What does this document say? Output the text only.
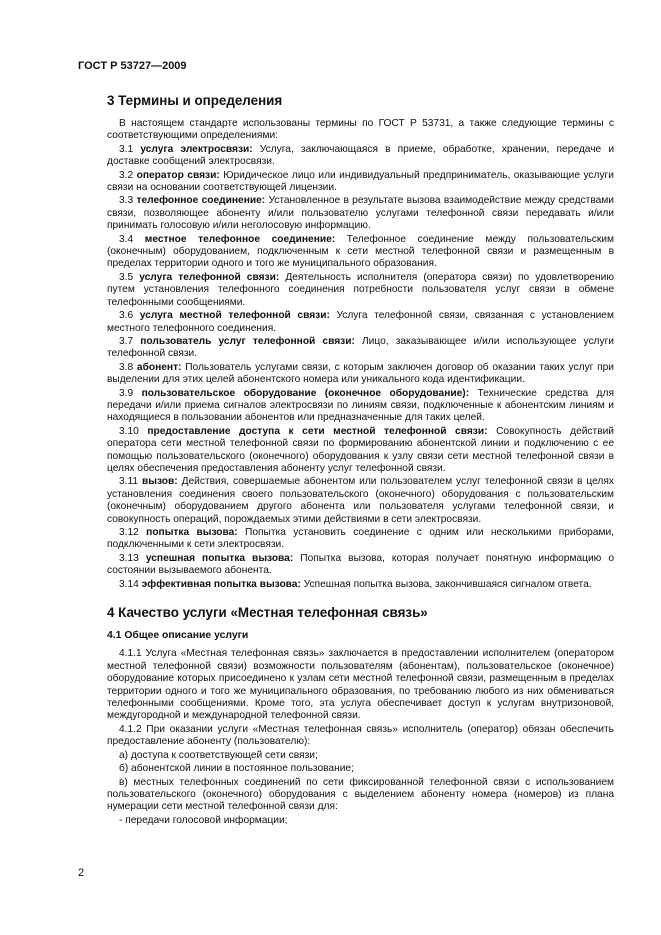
ГОСТ Р 53727—2009
3 Термины и определения

В настоящем стандарте использованы термины по ГОСТ Р 53731, а также следующие термины с соответствующими определениями:

3.1 услуга электросвязи: Услуга, заключающаяся в приеме, обработке, хранении, передаче и доставке сообщений электросвязи.

3.2 оператор связи: Юридическое лицо или индивидуальный предприниматель, оказывающие услуги связи на основании соответствующей лицензии.

3.3 телефонное соединение: Установленное в результате вызова взаимодействие между средствами связи, позволяющее абоненту и/или пользователю услугами телефонной связи передавать и/или принимать голосовую и/или неголосовую информацию.

3.4 местное телефонное соединение: Телефонное соединение между пользовательским (оконечным) оборудованием, подключенным к сети местной телефонной связи и размещенным в пределах территории одного и того же муниципального образования.

3.5 услуга телефонной связи: Деятельность исполнителя (оператора связи) по удовлетворению путем установления телефонного соединения потребности пользователя услуг связи в обмене телефонными сообщениями.

3.6 услуга местной телефонной связи: Услуга телефонной связи, связанная с установлением местного телефонного соединения.

3.7 пользователь услуг телефонной связи: Лицо, заказывающее и/или использующее услуги телефонной связи.

3.8 абонент: Пользователь услугами связи, с которым заключен договор об оказании таких услуг при выделении для этих целей абонентского номера или уникального кода идентификации.

3.9 пользовательское оборудование (оконечное оборудование): Технические средства для передачи и/или приема сигналов электросвязи по линиям связи, подключенные к абонентским линиям и находящиеся в пользовании абонентов или предназначенные для таких целей.

3.10 предоставление доступа к сети местной телефонной связи: Совокупность действий оператора сети местной телефонной связи по формированию абонентской линии и подключению с ее помощью пользовательского (оконечного) оборудования к узлу связи сети местной телефонной связи в целях обеспечения предоставления абоненту услуг телефонной связи.

3.11 вызов: Действия, совершаемые абонентом или пользователем услуг телефонной связи в целях установления соединения своего пользовательского (оконечного) оборудования с пользовательским (оконечным) оборудованием другого абонента или пользователя услугами телефонной связи, и совокупность операций, порождаемых этими действиями в сети электросвязи.

3.12 попытка вызова: Попытка установить соединение с одним или несколькими приборами, подключенными к сети электросвязи.

3.13 успешная попытка вызова: Попытка вызова, которая получает понятную информацию о состоянии вызываемого абонента.

3.14 эффективная попытка вызова: Успешная попытка вызова, закончившаяся сигналом ответа.

4 Качество услуги «Местная телефонная связь»
4.1 Общее описание услуги

4.1.1 Услуга «Местная телефонная связь» заключается в предоставлении исполнителем (оператором местной телефонной связи) возможности пользователям (абонентам), пользовательское (оконечное) оборудование которых присоединено к узлам сети местной телефонной связи, размещенным в пределах территории одного и того же муниципального образования, по требованию любого из них обмениваться телефонными сообщениями. Кроме того, эта услуга обеспечивает доступ к услугам внутризоновой, междугородной и международной телефонной связи.

4.1.2 При оказании услуги «Местная телефонная связь» исполнитель (оператор) обязан обеспечить предоставление абоненту (пользователю):

а) доступа к соответствующей сети связи;

б) абонентской линии в постоянное пользование;

в) местных телефонных соединений по сети фиксированной телефонной связи с использованием пользовательского (оконечного) оборудования с выделением абоненту номера (номеров) из плана нумерации сети местной телефонной связи для:

- передачи голосовой информации;

2
